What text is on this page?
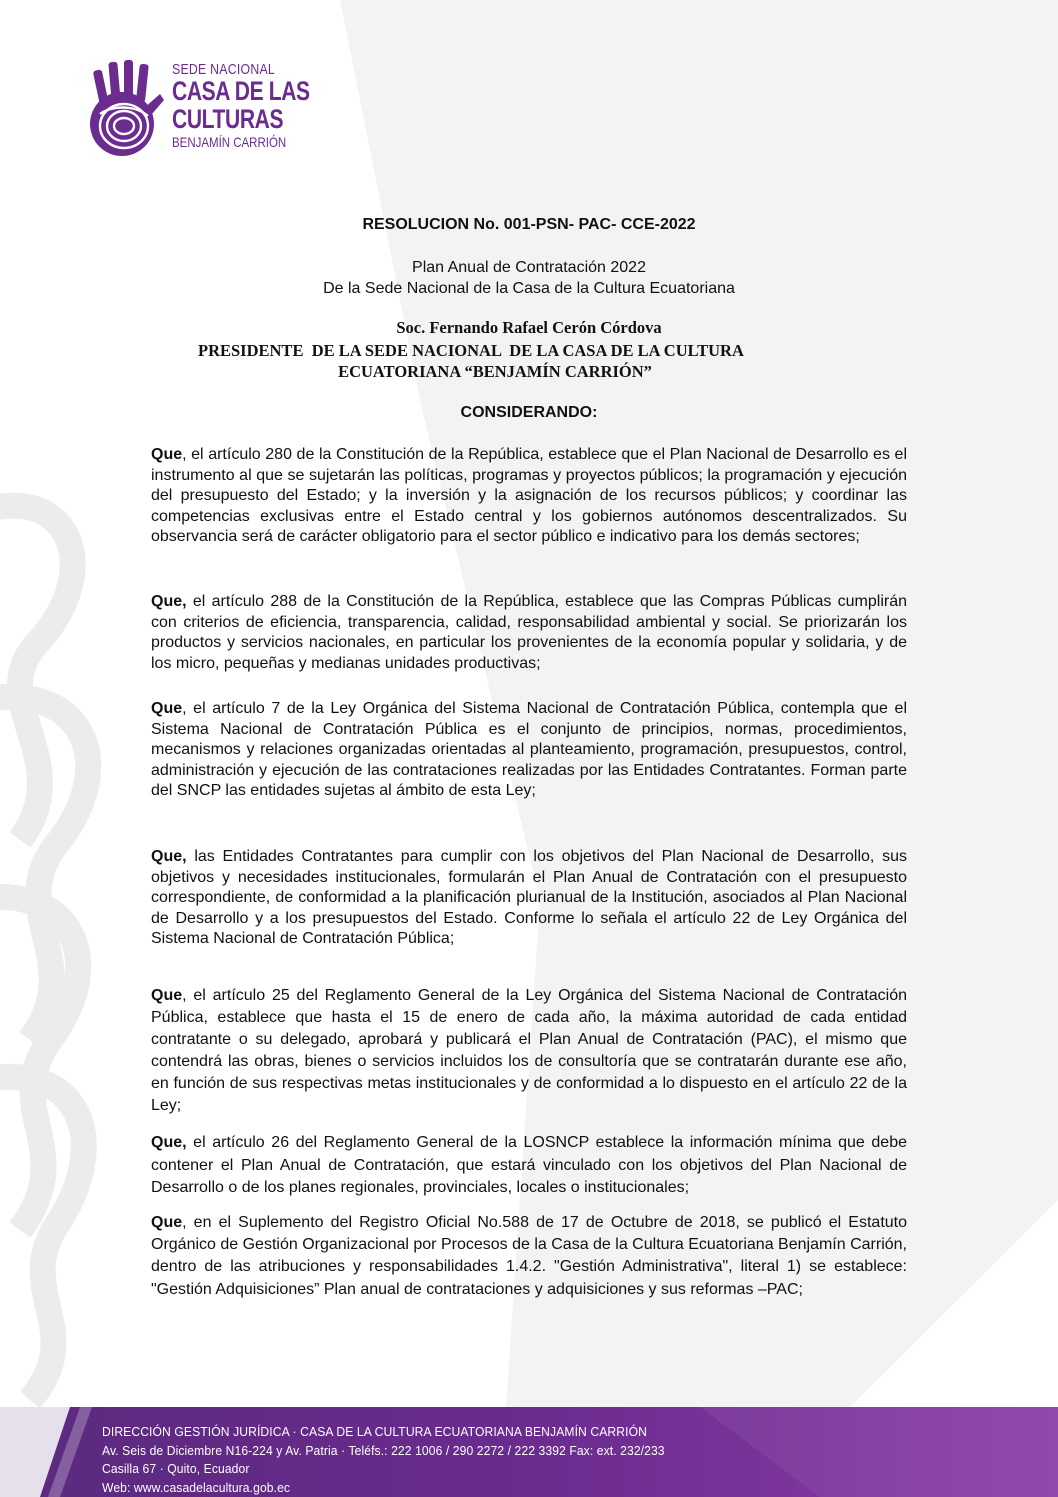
SEDE NACIONAL
CASA DE LAS
CULTURAS
BENJAMÍN CARRIÓN
RESOLUCION No. 001-PSN- PAC- CCE-2022
Plan Anual de Contratación 2022
De la Sede Nacional de la Casa de la Cultura Ecuatoriana
Soc. Fernando Rafael Cerón Córdova
PRESIDENTE  DE LA SEDE NACIONAL  DE LA CASA DE LA CULTURA
ECUATORIANA “BENJAMÍN CARRIÓN”
CONSIDERANDO:

Que, el artículo 280 de la Constitución de la República, establece que el Plan Nacional de Desarrollo es el instrumento al que se sujetarán las políticas, programas y proyectos públicos; la programación y ejecución del presupuesto del Estado; y la inversión y la asignación de los recursos públicos; y coordinar las competencias exclusivas entre el Estado central y los gobiernos autónomos descentralizados. Su observancia será de carácter obligatorio para el sector público e indicativo para los demás sectores;

Que, el artículo 288 de la Constitución de la República, establece que las Compras Públicas cumplirán con criterios de eficiencia, transparencia, calidad, responsabilidad ambiental y social. Se priorizarán los productos y servicios nacionales, en particular los provenientes de la economía popular y solidaria, y de los micro, pequeñas y medianas unidades productivas;

Que, el artículo 7 de la Ley Orgánica del Sistema Nacional de Contratación Pública, contempla que el Sistema Nacional de Contratación Pública es el conjunto de principios, normas, procedimientos, mecanismos y relaciones organizadas orientadas al planteamiento, programación, presupuestos, control, administración y ejecución de las contrataciones realizadas por las Entidades Contratantes. Forman parte del SNCP las entidades sujetas al ámbito de esta Ley;

Que, las Entidades Contratantes para cumplir con los objetivos del Plan Nacional de Desarrollo, sus objetivos y necesidades institucionales, formularán el Plan Anual de Contratación con el presupuesto correspondiente, de conformidad a la planificación plurianual de la Institución, asociados al Plan Nacional de Desarrollo y a los presupuestos del Estado. Conforme lo señala el artículo 22 de Ley Orgánica del Sistema Nacional de Contratación Pública;

Que, el artículo 25 del Reglamento General de la Ley Orgánica del Sistema Nacional de Contratación Pública, establece que hasta el 15 de enero de cada año, la máxima autoridad de cada entidad contratante o su delegado, aprobará y publicará el Plan Anual de Contratación (PAC), el mismo que contendrá las obras, bienes o servicios incluidos los de consultoría que se contratarán durante ese año, en función de sus respectivas metas institucionales y de conformidad a lo dispuesto en el artículo 22 de la Ley;

Que, el artículo 26 del Reglamento General de la LOSNCP establece la información mínima que debe contener el Plan Anual de Contratación, que estará vinculado con los objetivos del Plan Nacional de Desarrollo o de los planes regionales, provinciales, locales o institucionales;

Que, en el Suplemento del Registro Oficial No.588 de 17 de Octubre de 2018, se publicó el Estatuto Orgánico de Gestión Organizacional por Procesos de la Casa de la Cultura Ecuatoriana Benjamín Carrión, dentro de las atribuciones y responsabilidades 1.4.2. "Gestión Administrativa", literal 1) se establece: "Gestión Adquisiciones” Plan anual de contrataciones y adquisiciones y sus reformas –PAC;

DIRECCIÓN GESTIÓN JURÍDICA · CASA DE LA CULTURA ECUATORIANA BENJAMÍN CARRIÓN
Av. Seis de Diciembre N16-224 y Av. Patria · Teléfs.: 222 1006 / 290 2272 / 222 3392 Fax: ext. 232/233
Casilla 67 · Quito, Ecuador
Web: www.casadelacultura.gob.ec
